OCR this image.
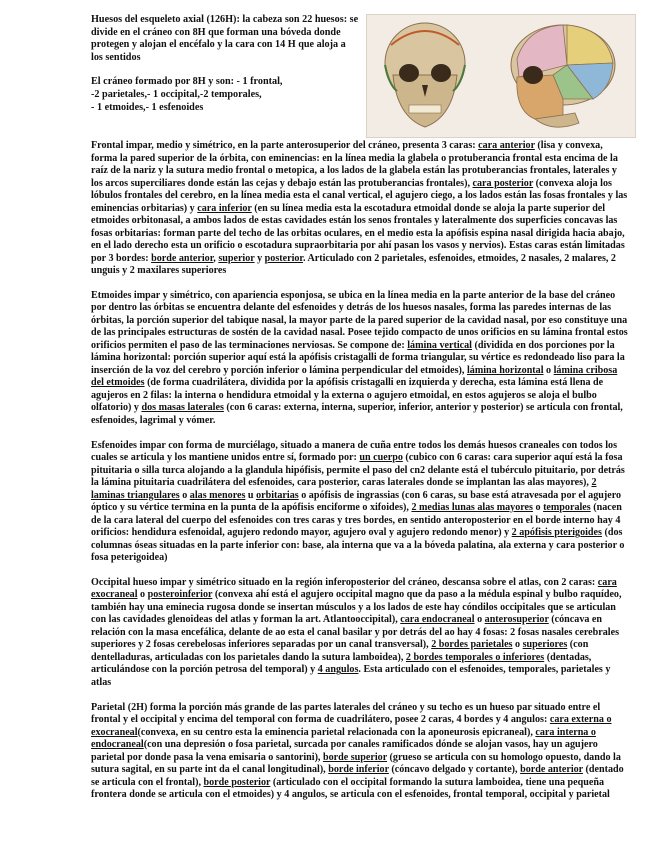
Huesos del esqueleto axial (126H): la cabeza son 22 huesos: se divide en el cráneo con 8H que forman una bóveda donde protegen y alojan el encéfalo y la cara con 14 H que aloja a los sentidos

El cráneo formado por 8H y son: - 1 frontal,
-2 parietales,- 1 occipital,-2 temporales,
- 1 etmoides,- 1 esfenoides

Frontal impar, medio y simétrico, en la parte anterosuperior del cráneo, presenta 3 caras: cara anterior (lisa y convexa, forma la pared superior de la órbita, con eminencias: en la línea media la glabela o protuberancia frontal esta encima de la raíz de la nariz y la sutura medio frontal o metopica, a los lados de la glabela están las protuberancias frontales, laterales y los arcos superciliares donde están las cejas y debajo están las protuberancias frontales), cara posterior (convexa aloja los lóbulos frontales del cerebro, en la línea media esta el canal vertical, el agujero ciego, a los lados están las fosas frontales y las eminencias orbitarias) y cara inferior (en su línea media esta la escotadura etmoidal donde se aloja la parte superior del etmoides orbitonasal, a ambos lados de estas cavidades están los senos frontales y lateralmente dos superficies concavas las fosas orbitarias: forman parte del techo de las orbitas oculares, en el medio esta la apófisis espina nasal dirigida hacia abajo, en el lado derecho esta un orificio o escotadura supraorbitaria por ahí pasan los vasos y nervios). Estas caras están limitadas por 3 bordes: borde anterior, superior y posterior. Articulado con 2 parietales, esfenoides, etmoides, 2 nasales, 2 malares, 2 unguis y 2 maxilares superiores

Etmoides impar y simétrico, con apariencia esponjosa, se ubica en la línea media en la parte anterior de la base del cráneo por dentro las órbitas se encuentra delante del esfenoides y detrás de los huesos nasales, forma las paredes internas de las órbitas, la porción superior del tabique nasal, la mayor parte de la pared superior de la cavidad nasal, por eso constituye una de las principales estructuras de sostén de la cavidad nasal. Posee tejido compacto de unos orificios en su lámina frontal estos orificios permiten el paso de las terminaciones nerviosas. Se compone de: lámina vertical (dividida en dos porciones por la lámina horizontal: porción superior aquí está la apófisis cristagalli de forma triangular, su vértice es redondeado liso para la inserción de la voz del cerebro y porción inferior o lámina perpendicular del etmoides), lámina horizontal o lámina cribosa del etmoides (de forma cuadrilátera, dividida por la apófisis cristagalli en izquierda y derecha, esta lámina está llena de agujeros en 2 filas: la interna o hendidura etmoidal y la externa o agujero etmoidal, en estos agujeros se aloja el bulbo olfatorio) y dos masas laterales (con 6 caras: externa, interna, superior, inferior, anterior y posterior) se articula con frontal, esfenoides, lagrimal y vómer.

Esfenoides impar con forma de murciélago, situado a manera de cuña entre todos los demás huesos craneales con todos los cuales se articula y los mantiene unidos entre sí, formado por: un cuerpo (cubico con 6 caras: cara superior aquí está la fosa pituitaria o silla turca alojando a la glandula hipófisis, permite el paso del cn2 delante está el tubérculo pituitario, por detrás la lámina pituitaria cuadrilátera del esfenoides, cara posterior, caras laterales donde se implantan las alas mayores), 2 laminas triangulares o alas menores u orbitarias o apófisis de ingrassias (con 6 caras, su base está atravesada por el agujero óptico y su vértice termina en la punta de la apófisis enciforme o xifoides), 2 medias lunas alas mayores o temporales (nacen de la cara lateral del cuerpo del esfenoides con tres caras y tres bordes, en sentido anteroposterior en el borde interno hay 4 orificios: hendidura esfenoidal, agujero redondo mayor, agujero oval y agujero redondo menor) y 2 apófisis pterigoides (dos columnas óseas situadas en la parte inferior con: base, ala interna que va a la bóveda palatina, ala externa y cara posterior o fosa peterigoidea)

Occipital hueso impar y simétrico situado en la región inferoposterior del cráneo, descansa sobre el atlas, con 2 caras: cara exocraneal o posteroinferior (convexa ahí está el agujero occipital magno que da paso a la médula espinal y bulbo raquídeo, también hay una eminecia rugosa donde se insertan músculos y a los lados de este hay cóndilos occipitales que se articulan con las cavidades glenoideas del atlas y forman la art. Atlantooccipital), cara endocraneal o anterosuperior (cóncava en relación con la masa encefálica, delante de ao esta el canal basilar y por detrás del ao hay 4 fosas: 2 fosas nasales cerebrales superiores y 2 fosas cerebelosas inferiores separadas por un canal transversal), 2 bordes parietales o superiores (con dentelladuras, articuladas con los parietales dando la sutura lamboidea), 2 bordes temporales o inferiores (dentadas, articulándose con la porción petrosa del temporal) y 4 angulos. Esta articulado con el esfenoides, temporales, parietales y atlas

Parietal (2H) forma la porción más grande de las partes laterales del cráneo y su techo es un hueso par situado entre el frontal y el occipital y encima del temporal con forma de cuadrilátero, posee 2 caras, 4 bordes y 4 angulos: cara externa o exocraneal(convexa, en su centro esta la eminencia parietal relacionada con la aponeurosis epicraneal), cara interna o endocraneal(con una depresión o fosa parietal, surcada por canales ramificados dónde se alojan vasos, hay un agujero parietal por donde pasa la vena emisaria o santorini), borde superior (grueso se articula con su homologo opuesto, dando la sutura sagital, en su parte int da el canal longitudinal), borde inferior (cóncavo delgado y cortante), borde anterior (dentado se articula con el frontal), borde posterior (articulado con el occipital formando la sutura lamboidea, tiene una pequeña frontera donde se articula con el etmoides) y 4 angulos, se articula con el esfenoides, frontal temporal, occipital y parietal
